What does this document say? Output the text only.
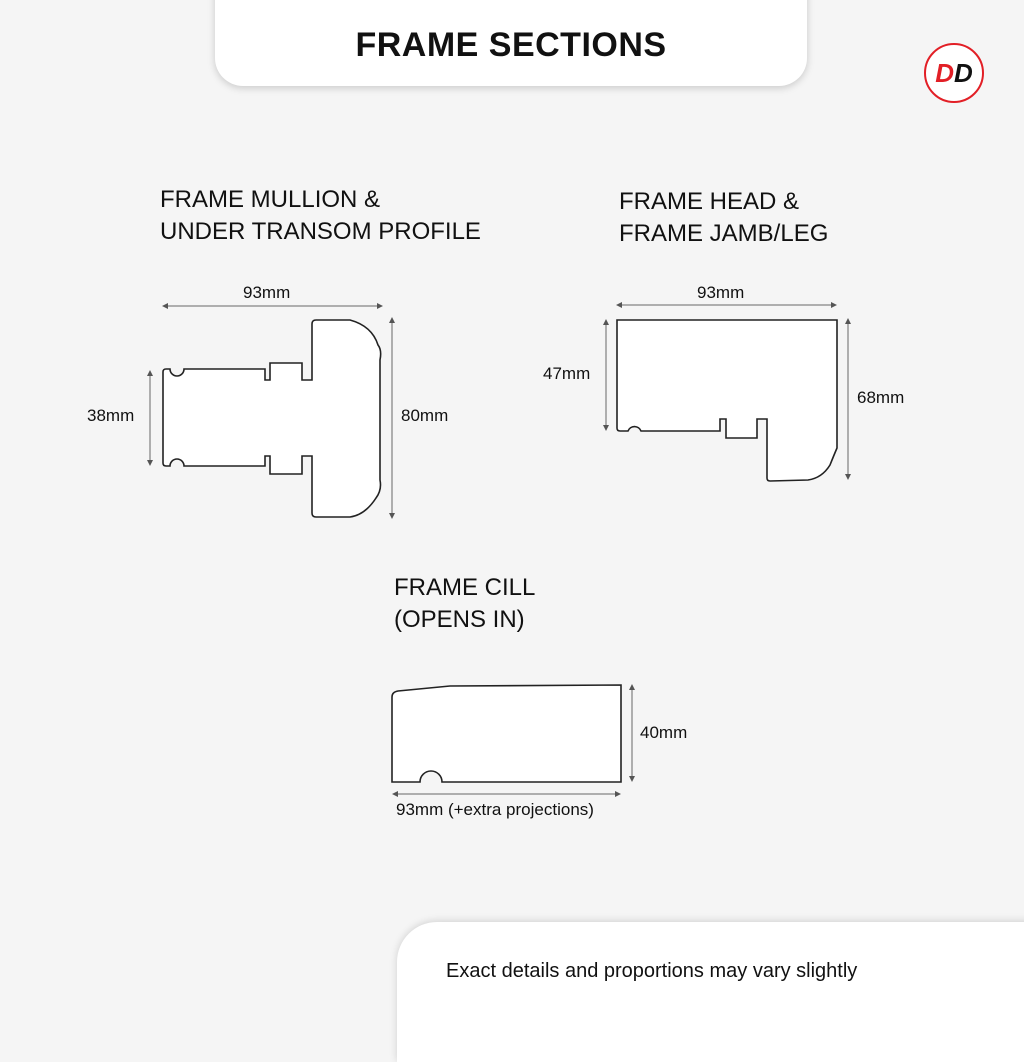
FRAME SECTIONS
D D
FRAME MULLION &
UNDER TRANSOM PROFILE
FRAME HEAD &
FRAME JAMB/LEG
FRAME CILL
(OPENS IN)
93mm
38mm	80mm
93mm
47mm
68mm
40mm
93mm (+extra projections)
Exact details and proportions may vary slightly
